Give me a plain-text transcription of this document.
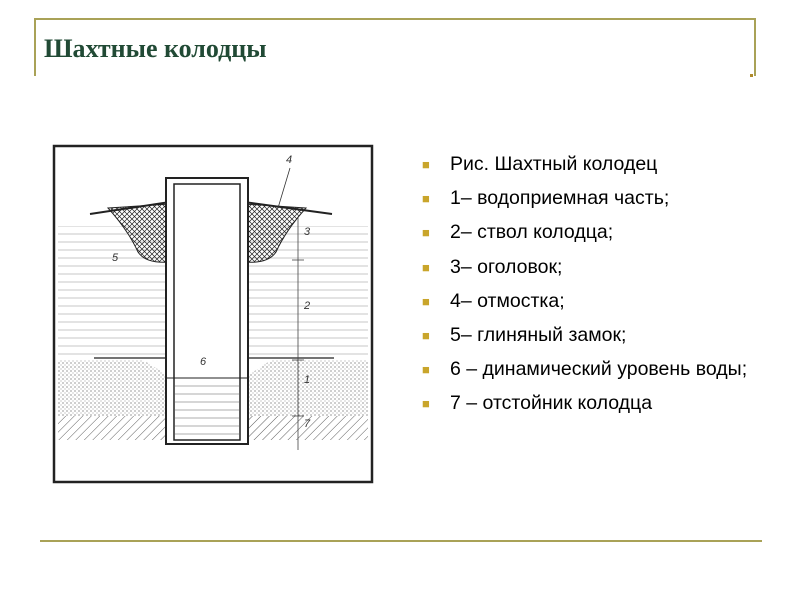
Шахтные колодцы
4
3
5
2
6
1
7
■ Рис. Шахтный колодец
■ 1– водоприемная часть;
■ 2– ствол колодца;
■ 3– оголовок;
■ 4– отмостка;
■ 5– глиняный замок;
■ 6 – динамический уровень воды;
■ 7 – отстойник колодца
